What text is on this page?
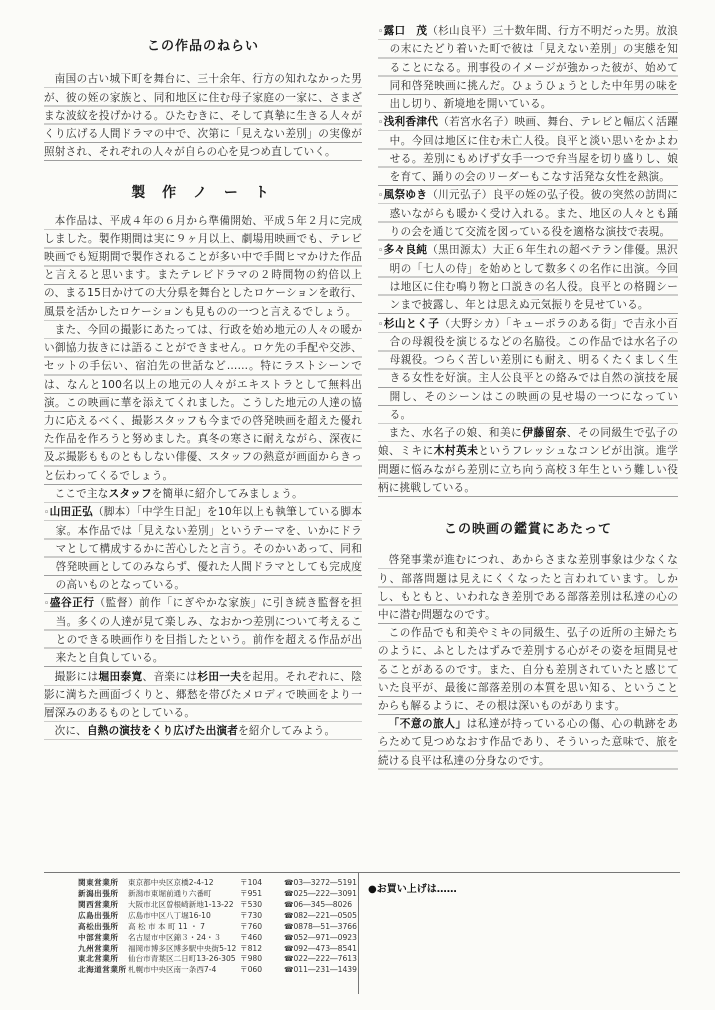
この作品のねらい

南国の古い城下町を舞台に、三十余年、行方の知れなかった男が、彼の姪の家族と、同和地区に住む母子家庭の一家に、さまざまな波紋を投げかける。ひたむきに、そして真摯に生きる人々がくり広げる人間ドラマの中で、次第に「見えない差別」の実像が照射され、それぞれの人々が自らの心を見つめ直していく。

製 作 ノ ー ト

本作品は、平成４年の６月から準備開始、平成５年２月に完成しました。製作期間は実に９ヶ月以上、劇場用映画でも、テレビ映画でも短期間で製作されることが多い中で手間ヒマかけた作品と言えると思います。またテレビドラマの２時間物の約倍以上の、まる15日かけての大分県を舞台としたロケーションを敢行、風景を活かしたロケーションも見ものの一つと言えるでしょう。

また、今回の撮影にあたっては、行政を始め地元の人々の暖かい御協力抜きには語ることができません。ロケ先の手配や交渉、セットの手伝い、宿泊先の世話など……。特にラストシーンでは、なんと100名以上の地元の人々がエキストラとして無料出演。この映画に華を添えてくれました。こうした地元の人達の協力に応えるべく、撮影スタッフも今までの啓発映画を超えた優れた作品を作ろうと努めました。真冬の寒さに耐えながら、深夜に及ぶ撮影もものともしない俳優、スタッフの熱意が画面からきっと伝わってくるでしょう。

ここで主なスタッフを簡単に紹介してみましょう。

◦山田正弘（脚本）「中学生日記」を10年以上も執筆している脚本家。本作品では「見えない差別」というテーマを、いかにドラマとして構成するかに苦心したと言う。そのかいあって、同和啓発映画としてのみならず、優れた人間ドラマとしても完成度の高いものとなっている。

◦盛谷正行（監督）前作「にぎやかな家族」に引き続き監督を担当。多くの人達が見て楽しみ、なおかつ差別について考えることのできる映画作りを目指したという。前作を超える作品が出来たと自負している。

撮影には堀田泰寛、音楽には杉田一夫を起用。それぞれに、陰影に満ちた画面づくりと、郷愁を帯びたメロディで映画をより一層深みのあるものとしている。

次に、自熱の演技をくり広げた出演者を紹介してみよう。

◦露口　茂（杉山良平）三十数年間、行方不明だった男。放浪の末にたどり着いた町で彼は「見えない差別」の実態を知ることになる。刑事役のイメージが強かった彼が、始めて同和啓発映画に挑んだ。ひょうひょうとした中年男の味を出し切り、新境地を開いている。

◦浅利香津代（若宮水名子）映画、舞台、テレビと幅広く活躍中。今回は地区に住む未亡人役。良平と淡い思いをかよわせる。差別にもめげず女手一つで弁当屋を切り盛りし、娘を育て、踊りの会のリーダーもこなす活発な女性を熱演。

◦風祭ゆき（川元弘子）良平の姪の弘子役。彼の突然の訪問に惑いながらも暖かく受け入れる。また、地区の人々とも踊りの会を通じて交流を図っている役を適格な演技で表現。

◦多々良純（黒田源太）大正６年生れの超ベテラン俳優。黒沢明の「七人の侍」を始めとして数多くの名作に出演。今回は地区に住む鳴り物と口説きの名人役。良平との格闘シーンまで披露し、年とは思えぬ元気振りを見せている。

◦杉山とく子（大野シカ）「キューポラのある街」で吉永小百合の母親役を演じるなどの名脇役。この作品では水名子の母親役。つらく苦しい差別にも耐え、明るくたくましく生きる女性を好演。主人公良平との絡みでは自然の演技を展開し、そのシーンはこの映画の見せ場の一つになっている。

また、水名子の娘、和美に伊藤留奈、その同級生で弘子の娘、ミキに木村英未というフレッシュなコンビが出演。進学問題に悩みながら差別に立ち向う高校３年生という難しい役柄に挑戦している。

この映画の鑑賞にあたって

啓発事業が進むにつれ、あからさまな差別事象は少なくなり、部落問題は見えにくくなったと言われています。しかし、もともと、いわれなき差別である部落差別は私達の心の中に潜む問題なのです。

この作品でも和美やミキの同級生、弘子の近所の主婦たちのように、ふとしたはずみで差別する心がその姿を垣間見せることがあるのです。また、自分も差別されていたと感じていた良平が、最後に部落差別の本質を思い知る、ということからも解るように、その根は深いものがあります。

「不意の旅人」は私達が持っている心の傷、心の軌跡をあらためて見つめなおす作品であり、そういった意味で、旅を続ける良平は私達の分身なのです。

関東営業所	東京都中央区京橋2-4-12	〒104	☎03―3272―5191
新潟出張所	新潟市東堀前通り六番町	〒951	☎025―222―3091
関西営業所	大阪市北区曽根崎新地1-13-22 〒530	☎06―345―8026
広島出張所	広島市中区八丁堀16-10	〒730	☎082―221―0505
高松出張所	高 松 市 本 町 11 ・ 7	〒760	☎0878―51―3766
中部営業所	名古屋市中区錦３・24・３	〒460	☎052―971―0923
九州営業所	福岡市博多区博多駅中央街5-12 〒812	☎092―473―8541
東北営業所	仙台市青葉区二日町13-26-305 〒980	☎022―222―7613
北海道営業所 札幌市中央区南一条西7-4	〒060	☎011―231―1439
●お買い上げは……
